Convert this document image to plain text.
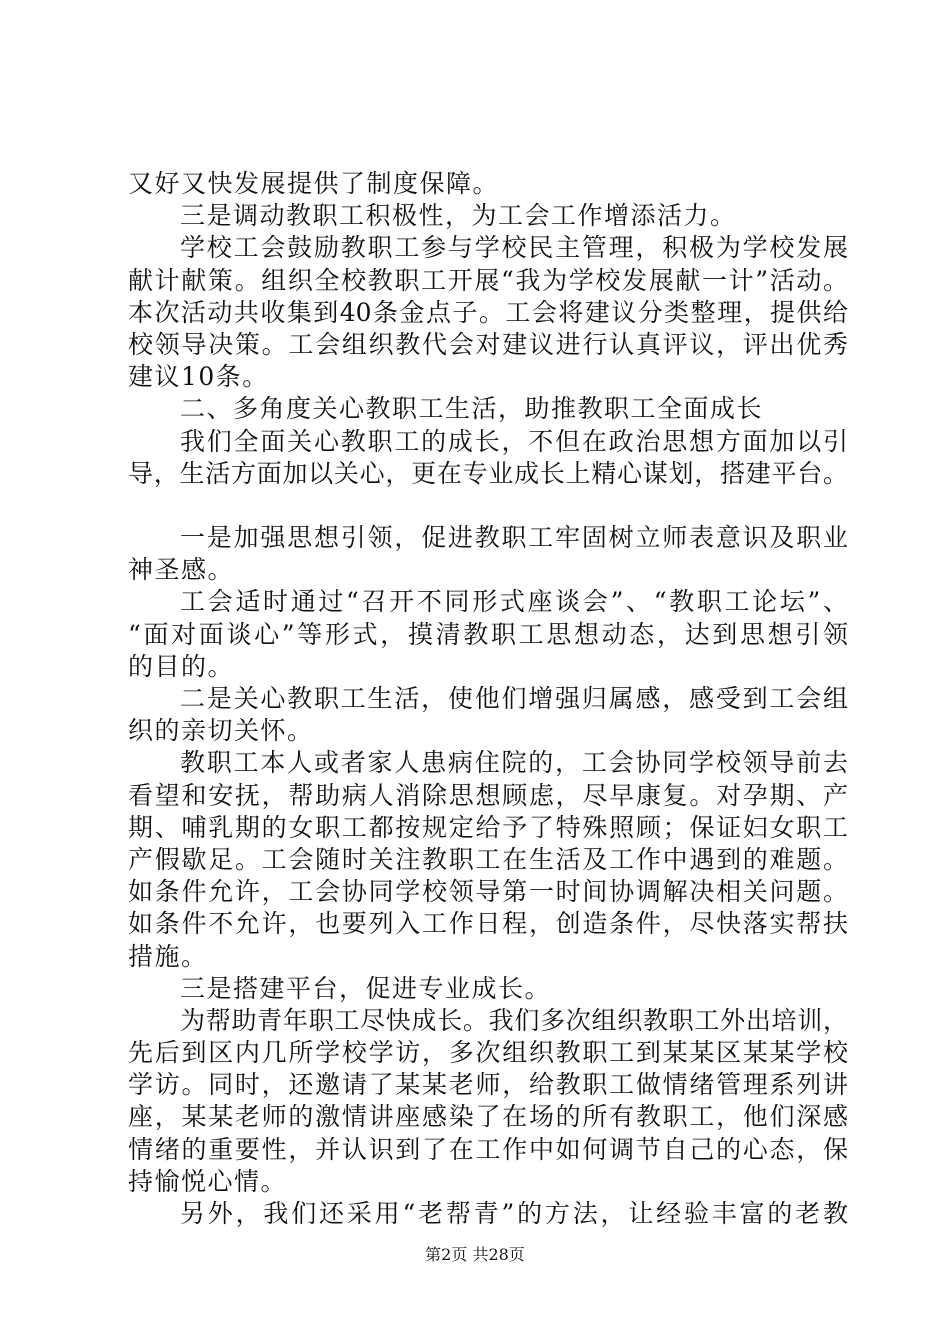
又好又快发展提供了制度保障。
三是调动教职工积极性，为工会工作增添活力。
学校工会鼓励教职工参与学校民主管理，积极为学校发展
献计献策。组织全校教职工开展“我为学校发展献一计”活动。
本次活动共收集到40条金点子。工会将建议分类整理，提供给
校领导决策。工会组织教代会对建议进行认真评议，评出优秀
建议10条。
二、多角度关心教职工生活，助推教职工全面成长
我们全面关心教职工的成长，不但在政治思想方面加以引
导，生活方面加以关心，更在专业成长上精心谋划，搭建平台。
一是加强思想引领，促进教职工牢固树立师表意识及职业
神圣感。
工会适时通过“召开不同形式座谈会”、“教职工论坛”、
“面对面谈心”等形式，摸清教职工思想动态，达到思想引领
的目的。
二是关心教职工生活，使他们增强归属感，感受到工会组
织的亲切关怀。
教职工本人或者家人患病住院的，工会协同学校领导前去
看望和安抚，帮助病人消除思想顾虑，尽早康复。对孕期、产
期、哺乳期的女职工都按规定给予了特殊照顾；保证妇女职工
产假歇足。工会随时关注教职工在生活及工作中遇到的难题。
如条件允许，工会协同学校领导第一时间协调解决相关问题。
如条件不允许，也要列入工作日程，创造条件，尽快落实帮扶
措施。
三是搭建平台，促进专业成长。
为帮助青年职工尽快成长。我们多次组织教职工外出培训，
先后到区内几所学校学访，多次组织教职工到某某区某某学校
学访。同时，还邀请了某某老师，给教职工做情绪管理系列讲
座，某某老师的激情讲座感染了在场的所有教职工，他们深感
情绪的重要性，并认识到了在工作中如何调节自己的心态，保
持愉悦心情。
另外，我们还采用“老帮青”的方法，让经验丰富的老教
第2页 共28页
